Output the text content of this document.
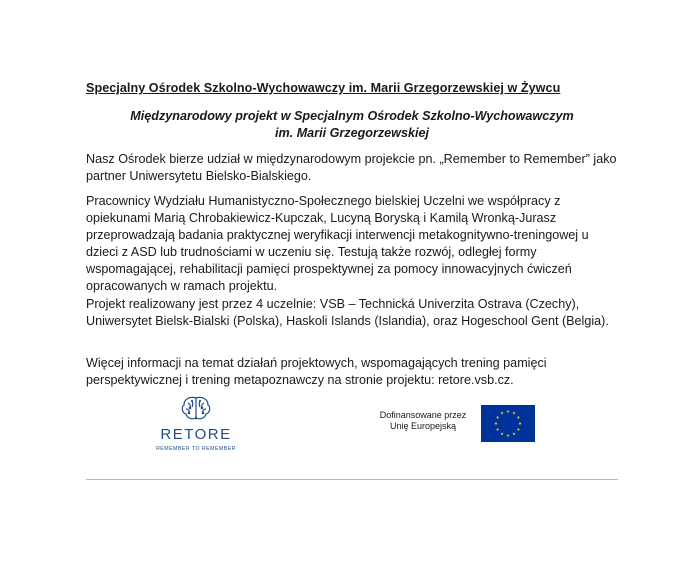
Specjalny Ośrodek Szkolno-Wychowawczy im. Marii Grzegorzewskiej w Żywcu
Międzynarodowy projekt w Specjalnym Ośrodek Szkolno-Wychowawczym
im. Marii Grzegorzewskiej

Nasz Ośrodek bierze udział w międzynarodowym projekcie pn. „Remember to Remember” jako partner Uniwersytetu Bielsko-Bialskiego.

Pracownicy Wydziału Humanistyczno-Społecznego bielskiej Uczelni we współpracy z opiekunami Marią Chrobakiewicz-Kupczak, Lucyną Boryską i Kamilą Wronką-Jurasz przeprowadzają badania praktycznej weryfikacji interwencji metakognitywno-treningowej u dzieci z ASD lub trudnościami w uczeniu się. Testują także rozwój, odległej formy wspomagającej, rehabilitacji pamięci prospektywnej za pomocy innowacyjnych ćwiczeń opracowanych w ramach projektu.

Projekt realizowany jest przez 4 uczelnie: VSB – Technická Univerzita Ostrava (Czechy), Uniwersytet Bielsk-Bialski (Polska), Haskoli Islands (Islandia), oraz Hogeschool Gent (Belgia).

Więcej informacji na temat działań projektowych, wspomagających trening pamięci perspektywicznej i trening metapoznawczy na stronie projektu: retore.vsb.cz.

RETORE
REMEMBER TO REMEMBER
Dofinansowane przez
Unię Europejską
